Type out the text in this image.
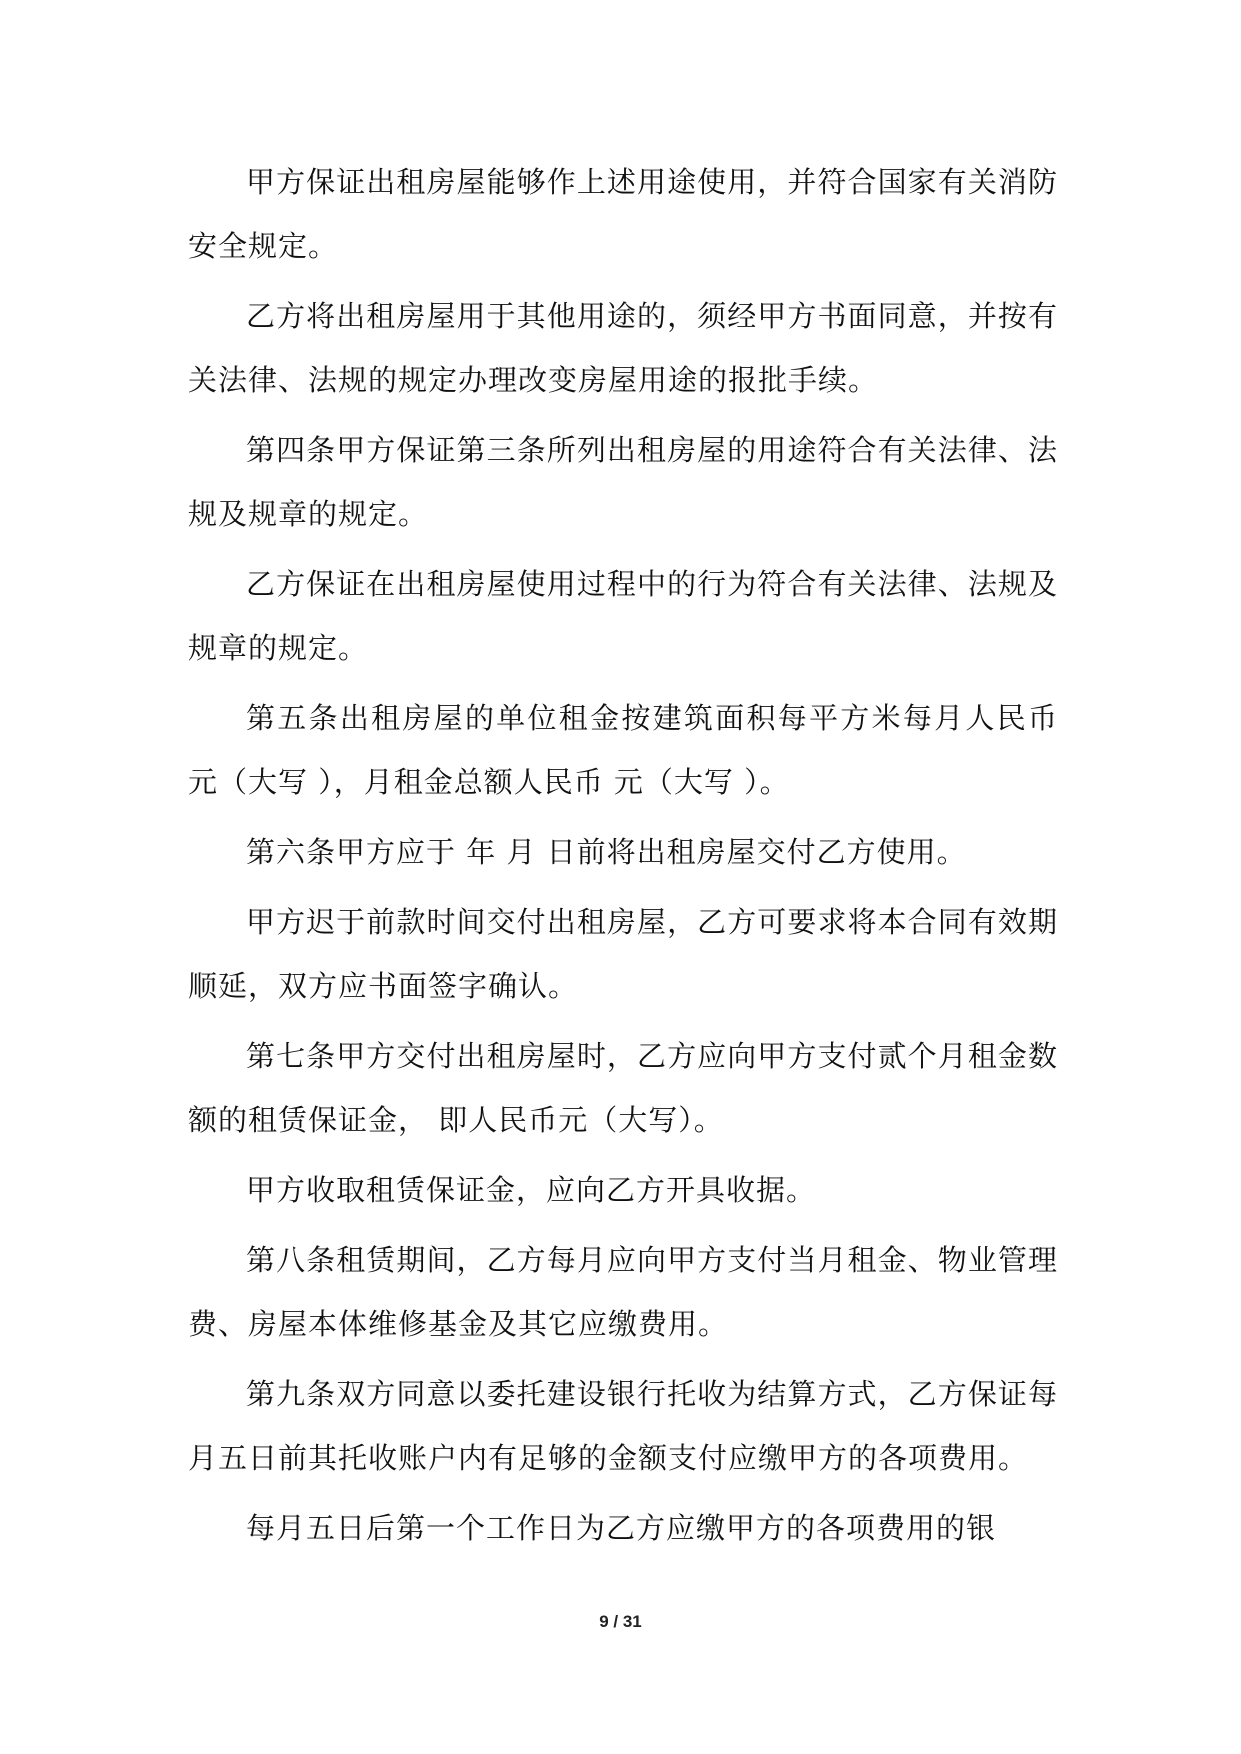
甲方保证出租房屋能够作上述用途使用，并符合国家有关消防安全规定。

乙方将出租房屋用于其他用途的，须经甲方书面同意，并按有关法律、法规的规定办理改变房屋用途的报批手续。

第四条甲方保证第三条所列出租房屋的用途符合有关法律、法规及规章的规定。

乙方保证在出租房屋使用过程中的行为符合有关法律、法规及规章的规定。

第五条出租房屋的单位租金按建筑面积每平方米每月人民币 元（大写 ），月租金总额人民币 元（大写 ）。

第六条甲方应于 年 月 日前将出租房屋交付乙方使用。

甲方迟于前款时间交付出租房屋，乙方可要求将本合同有效期顺延，双方应书面签字确认。

第七条甲方交付出租房屋时，乙方应向甲方支付贰个月租金数额的租赁保证金， 即人民币元（大写）。

甲方收取租赁保证金，应向乙方开具收据。

第八条租赁期间，乙方每月应向甲方支付当月租金、物业管理费、房屋本体维修基金及其它应缴费用。

第九条双方同意以委托建设银行托收为结算方式，乙方保证每月五日前其托收账户内有足够的金额支付应缴甲方的各项费用。

每月五日后第一个工作日为乙方应缴甲方的各项费用的银

9 / 31
